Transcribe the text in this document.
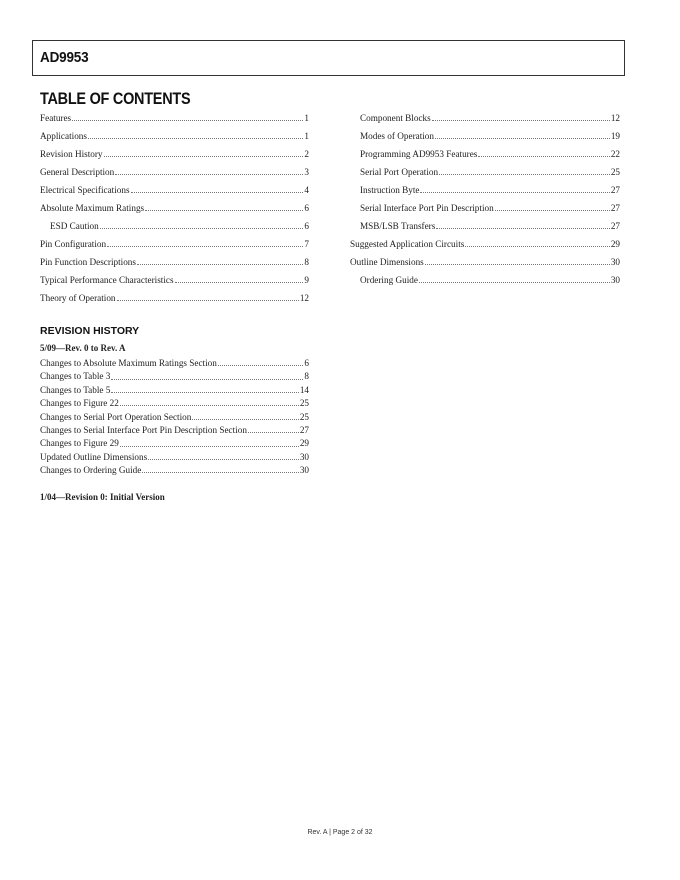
AD9953
TABLE OF CONTENTS
Features	1
Applications	1
Revision History	2
General Description	3
Electrical Specifications	4
Absolute Maximum Ratings	6
ESD Caution	6
Pin Configuration	7
Pin Function Descriptions	8
Typical Performance Characteristics	9
Theory of Operation	12
Component Blocks	12
Modes of Operation	19
Programming AD9953 Features	22
Serial Port Operation	25
Instruction Byte	27
Serial Interface Port Pin Description	27
MSB/LSB Transfers	27
Suggested Application Circuits	29
Outline Dimensions	30
Ordering Guide	30
REVISION HISTORY
5/09—Rev. 0 to Rev. A
Changes to Absolute Maximum Ratings Section	6
Changes to Table 3	8
Changes to Table 5	14
Changes to Figure 22	25
Changes to Serial Port Operation Section	25
Changes to Serial Interface Port Pin Description Section	27
Changes to Figure 29	29
Updated Outline Dimensions	30
Changes to Ordering Guide	30
1/04—Revision 0: Initial Version
Rev. A | Page 2 of 32
